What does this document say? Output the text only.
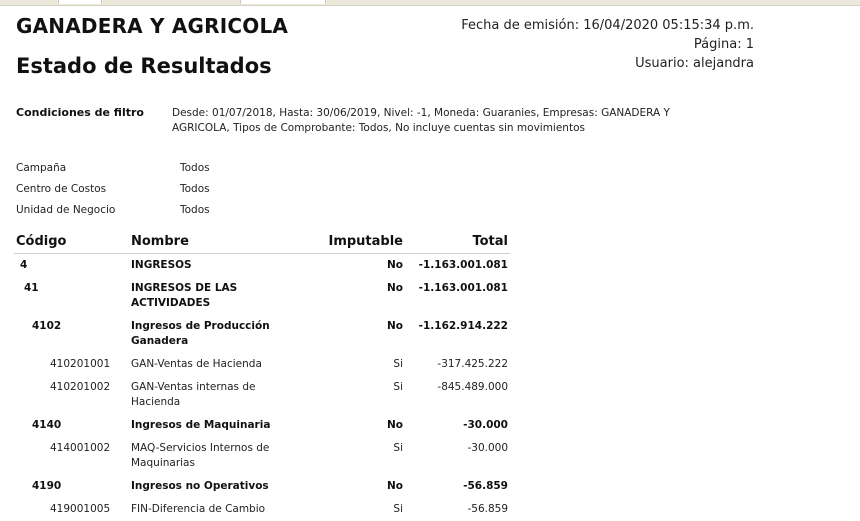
GANADERA Y AGRICOLA
Estado de Resultados
Fecha de emisión: 16/04/2020 05:15:34 p.m.
Página: 1
Usuario: alejandra
Condiciones de filtro	Desde: 01/07/2018, Hasta: 30/06/2019, Nivel: -1, Moneda: Guaranies, Empresas: GANADERA Y AGRICOLA, Tipos de Comprobante: Todos, No incluye cuentas sin movimientos
Campaña	Todos
Centro de Costos	Todos
Unidad de Negocio	Todos
Código	Nombre	Imputable	Total
4	INGRESOS	No	-1.163.001.081
41	INGRESOS DE LAS ACTIVIDADES	No	-1.163.001.081
4102	Ingresos de Producción Ganadera	No	-1.162.914.222
410201001	GAN-Ventas de Hacienda	Si	-317.425.222
410201002	GAN-Ventas internas de Hacienda	Si	-845.489.000
4140	Ingresos de Maquinaria	No	-30.000
414001002	MAQ-Servicios Internos de Maquinarias	Si	-30.000
4190	Ingresos no Operativos	No	-56.859
419001005	FIN-Diferencia de Cambio	Si	-56.859
